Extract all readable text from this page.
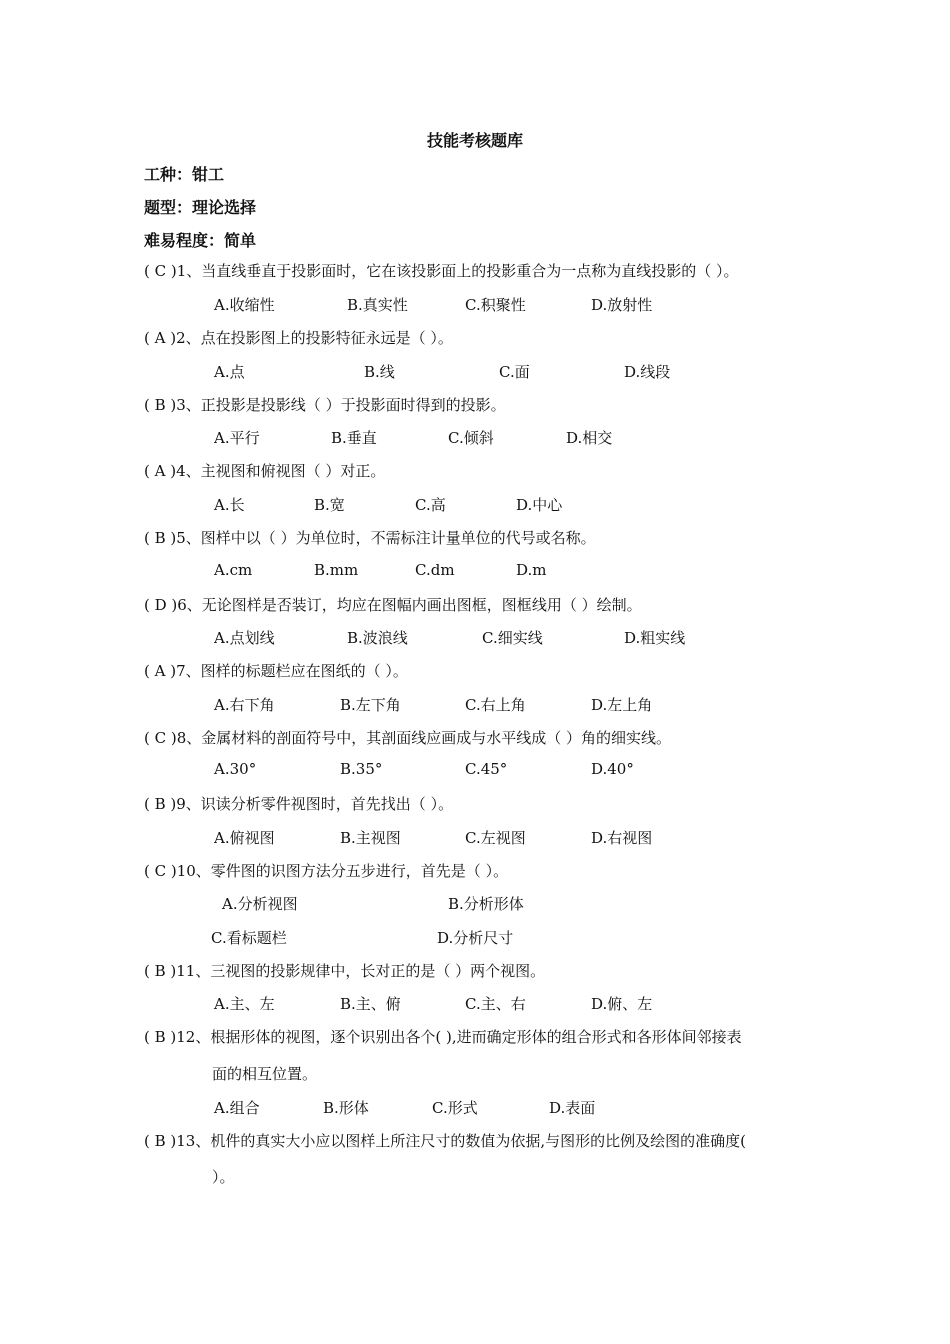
技能考核题库
工种：钳工
题型：理论选择
难易程度：简单
( C )1、当直线垂直于投影面时，它在该投影面上的投影重合为一点称为直线投影的（ ）。
A.收缩性	B.真实性	C.积聚性	D.放射性
( A )2、点在投影图上的投影特征永远是（ ）。
A.点	B.线	C.面	D.线段
( B )3、正投影是投影线（ ）于投影面时得到的投影。
A.平行	B.垂直	C.倾斜	D.相交
( A )4、主视图和俯视图（ ）对正。
A.长	B.宽	C.高	D.中心
( B )5、图样中以（ ）为单位时，不需标注计量单位的代号或名称。
A.cm	B.mm	C.dm	D.m
( D )6、无论图样是否装订，均应在图幅内画出图框，图框线用（ ）绘制。
A.点划线	B.波浪线	C.细实线	D.粗实线
( A )7、图样的标题栏应在图纸的（ ）。
A.右下角	B.左下角	C.右上角	D.左上角
( C )8、金属材料的剖面符号中，其剖面线应画成与水平线成（ ）角的细实线。
A.30°	B.35°	C.45°	D.40°
( B )9、识读分析零件视图时，首先找出（ ）。
A.俯视图	B.主视图	C.左视图	D.右视图
( C )10、零件图的识图方法分五步进行，首先是（ ）。
A.分析视图	B.分析形体
C.看标题栏	D.分析尺寸
( B )11、三视图的投影规律中，长对正的是（ ）两个视图。
A.主、左	B.主、俯	C.主、右	D.俯、左
( B )12、根据形体的视图，逐个识别出各个( ),进而确定形体的组合形式和各形体间邻接表
面的相互位置。
A.组合	B.形体	C.形式	D.表面
( B )13、机件的真实大小应以图样上所注尺寸的数值为依据,与图形的比例及绘图的准确度(
）。
